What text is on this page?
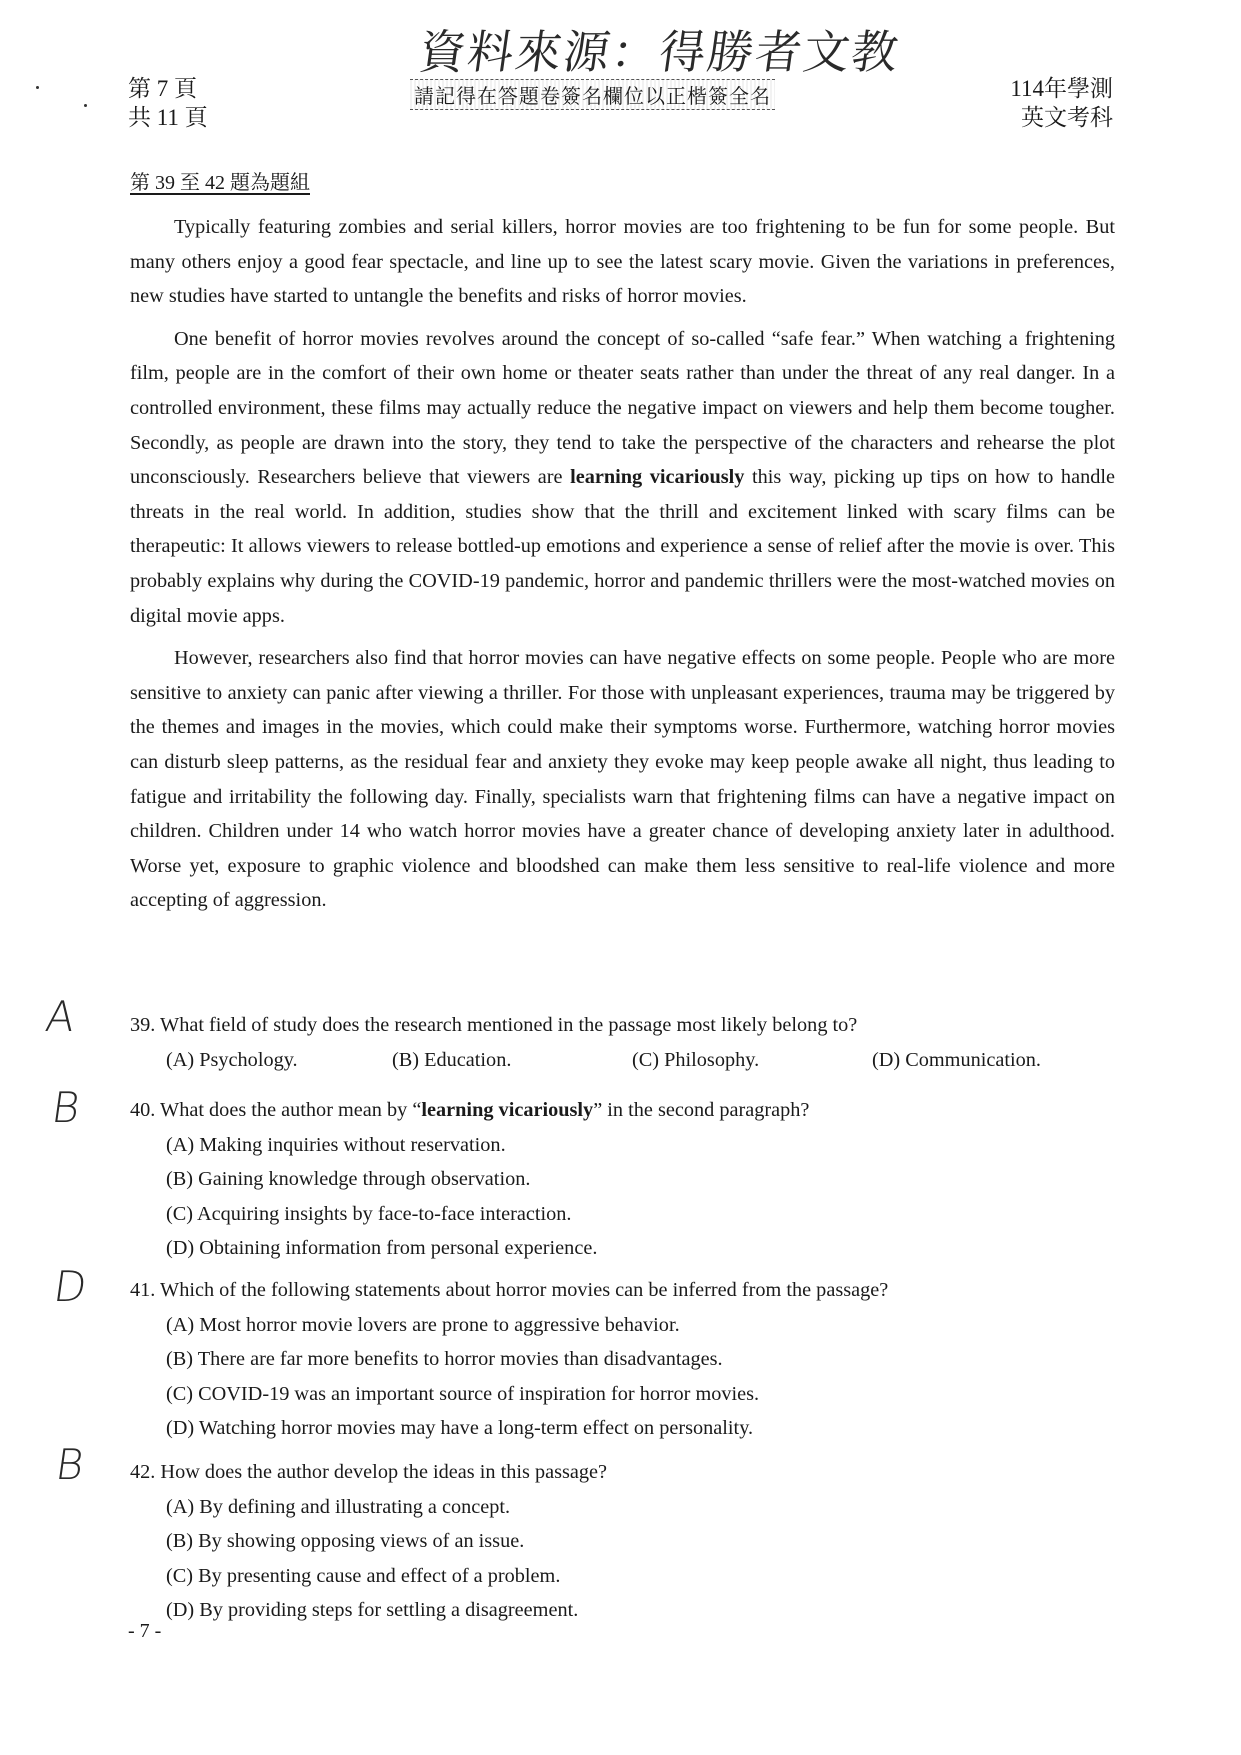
資料來源：得勝者文教
第 7 頁
共 11 頁
請記得在答題卷簽名欄位以正楷簽全名	114年學測
英文考科
第 39 至 42 題為題組

Typically featuring zombies and serial killers, horror movies are too frightening to be fun for some people. But many others enjoy a good fear spectacle, and line up to see the latest scary movie. Given the variations in preferences, new studies have started to untangle the benefits and risks of horror movies.

One benefit of horror movies revolves around the concept of so-called “safe fear.” When watching a frightening film, people are in the comfort of their own home or theater seats rather than under the threat of any real danger. In a controlled environment, these films may actually reduce the negative impact on viewers and help them become tougher. Secondly, as people are drawn into the story, they tend to take the perspective of the characters and rehearse the plot unconsciously. Researchers believe that viewers are learning vicariously this way, picking up tips on how to handle threats in the real world. In addition, studies show that the thrill and excitement linked with scary films can be therapeutic: It allows viewers to release bottled-up emotions and experience a sense of relief after the movie is over. This probably explains why during the COVID-19 pandemic, horror and pandemic thrillers were the most-watched movies on digital movie apps.

However, researchers also find that horror movies can have negative effects on some people. People who are more sensitive to anxiety can panic after viewing a thriller. For those with unpleasant experiences, trauma may be triggered by the themes and images in the movies, which could make their symptoms worse. Furthermore, watching horror movies can disturb sleep patterns, as the residual fear and anxiety they evoke may keep people awake all night, thus leading to fatigue and irritability the following day. Finally, specialists warn that frightening films can have a negative impact on children. Children under 14 who watch horror movies have a greater chance of developing anxiety later in adulthood. Worse yet, exposure to graphic violence and bloodshed can make them less sensitive to real-life violence and more accepting of aggression.

A
B
D
B
39. What field of study does the research mentioned in the passage most likely belong to?
(A) Psychology.	(B) Education.	(C) Philosophy.	(D) Communication.
40. What does the author mean by “learning vicariously” in the second paragraph?
(A) Making inquiries without reservation.
(B) Gaining knowledge through observation.
(C) Acquiring insights by face-to-face interaction.
(D) Obtaining information from personal experience.
41. Which of the following statements about horror movies can be inferred from the passage?
(A) Most horror movie lovers are prone to aggressive behavior.
(B) There are far more benefits to horror movies than disadvantages.
(C) COVID-19 was an important source of inspiration for horror movies.
(D) Watching horror movies may have a long-term effect on personality.
42. How does the author develop the ideas in this passage?
(A) By defining and illustrating a concept.
(B) By showing opposing views of an issue.
(C) By presenting cause and effect of a problem.
(D) By providing steps for settling a disagreement.
- 7 -
